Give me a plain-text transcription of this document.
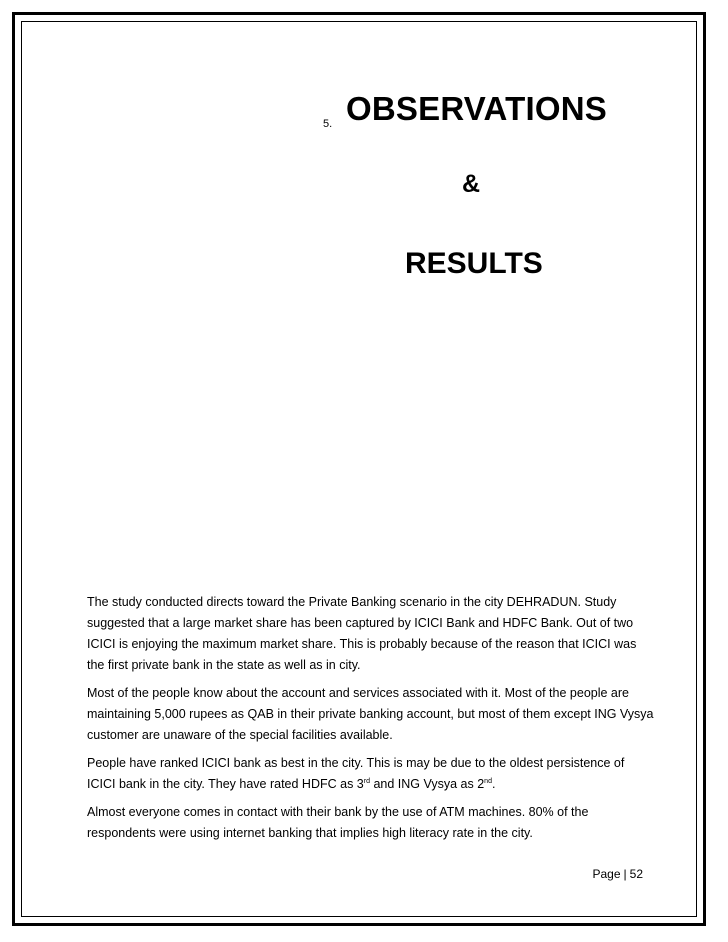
5. OBSERVATIONS
&
RESULTS

The study conducted directs toward the Private Banking scenario in the city DEHRADUN. Study suggested that a large market share has been captured by ICICI Bank and HDFC Bank. Out of two ICICI is enjoying the maximum market share. This is probably because of the reason that ICICI was the first private bank in the state as well as in city.

Most of the people know about the account and services associated with it. Most of the people are maintaining 5,000 rupees as QAB in their private banking account, but most of them except ING Vysya customer are unaware of the special facilities available.

People have ranked ICICI bank as best in the city. This is may be due to the oldest persistence of ICICI bank in the city. They have rated HDFC as 3rd and ING Vysya as 2nd.

Almost everyone comes in contact with their bank by the use of ATM machines. 80% of the respondents were using internet banking that implies high literacy rate in the city.

Page | 52
